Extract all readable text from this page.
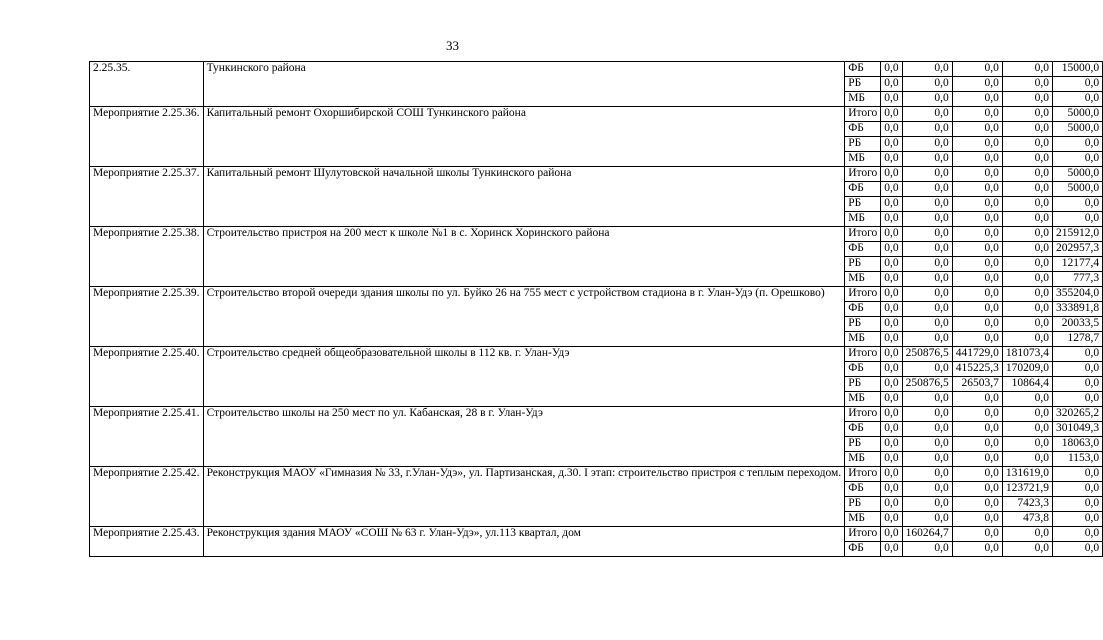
33
2.25.35.	Тункинского района	ФБ	0,0	0,0	0,0	0,0	15000,0
		РБ	0,0	0,0	0,0	0,0	0,0
		МБ	0,0	0,0	0,0	0,0	0,0
Мероприятие 2.25.36.	Капитальный ремонт Охоршибирской СОШ Тункинского района	Итого	0,0	0,0	0,0	0,0	5000,0
		ФБ	0,0	0,0	0,0	0,0	5000,0
		РБ	0,0	0,0	0,0	0,0	0,0
		МБ	0,0	0,0	0,0	0,0	0,0
Мероприятие 2.25.37.	Капитальный ремонт Шулутовской начальной школы Тункинского района	Итого	0,0	0,0	0,0	0,0	5000,0
		ФБ	0,0	0,0	0,0	0,0	5000,0
		РБ	0,0	0,0	0,0	0,0	0,0
		МБ	0,0	0,0	0,0	0,0	0,0
Мероприятие 2.25.38.	Строительство пристроя на 200 мест к школе №1 в с. Хоринск Хоринского района	Итого	0,0	0,0	0,0	0,0	215912,0
		ФБ	0,0	0,0	0,0	0,0	202957,3
		РБ	0,0	0,0	0,0	0,0	12177,4
		МБ	0,0	0,0	0,0	0,0	777,3
Мероприятие 2.25.39.	Строительство второй очереди здания школы по ул. Буйко 26 на 755 мест с устройством стадиона в г. Улан-Удэ (п. Орешково)	Итого	0,0	0,0	0,0	0,0	355204,0
		ФБ	0,0	0,0	0,0	0,0	333891,8
		РБ	0,0	0,0	0,0	0,0	20033,5
		МБ	0,0	0,0	0,0	0,0	1278,7
Мероприятие 2.25.40.	Строительство средней общеобразовательной школы в 112 кв. г. Улан-Удэ	Итого	0,0	250876,5	441729,0	181073,4	0,0
		ФБ	0,0	0,0	415225,3	170209,0	0,0
		РБ	0,0	250876,5	26503,7	10864,4	0,0
		МБ	0,0	0,0	0,0	0,0	0,0
Мероприятие 2.25.41.	Строительство школы на 250 мест по ул. Кабанская, 28 в г. Улан-Удэ	Итого	0,0	0,0	0,0	0,0	320265,2
		ФБ	0,0	0,0	0,0	0,0	301049,3
		РБ	0,0	0,0	0,0	0,0	18063,0
		МБ	0,0	0,0	0,0	0,0	1153,0
Мероприятие 2.25.42.	Реконструкция МАОУ «Гимназия № 33, г.Улан-Удэ», ул. Партизанская, д.30. I этап: строительство пристроя с теплым переходом.	Итого	0,0	0,0	0,0	131619,0	0,0
		ФБ	0,0	0,0	0,0	123721,9	0,0
		РБ	0,0	0,0	0,0	7423,3	0,0
		МБ	0,0	0,0	0,0	473,8	0,0
Мероприятие 2.25.43.	Реконструкция здания МАОУ «СОШ № 63 г. Улан-Удэ», ул.113 квартал, дом	Итого	0,0	160264,7	0,0	0,0	0,0
		ФБ	0,0	0,0	0,0	0,0	0,0
